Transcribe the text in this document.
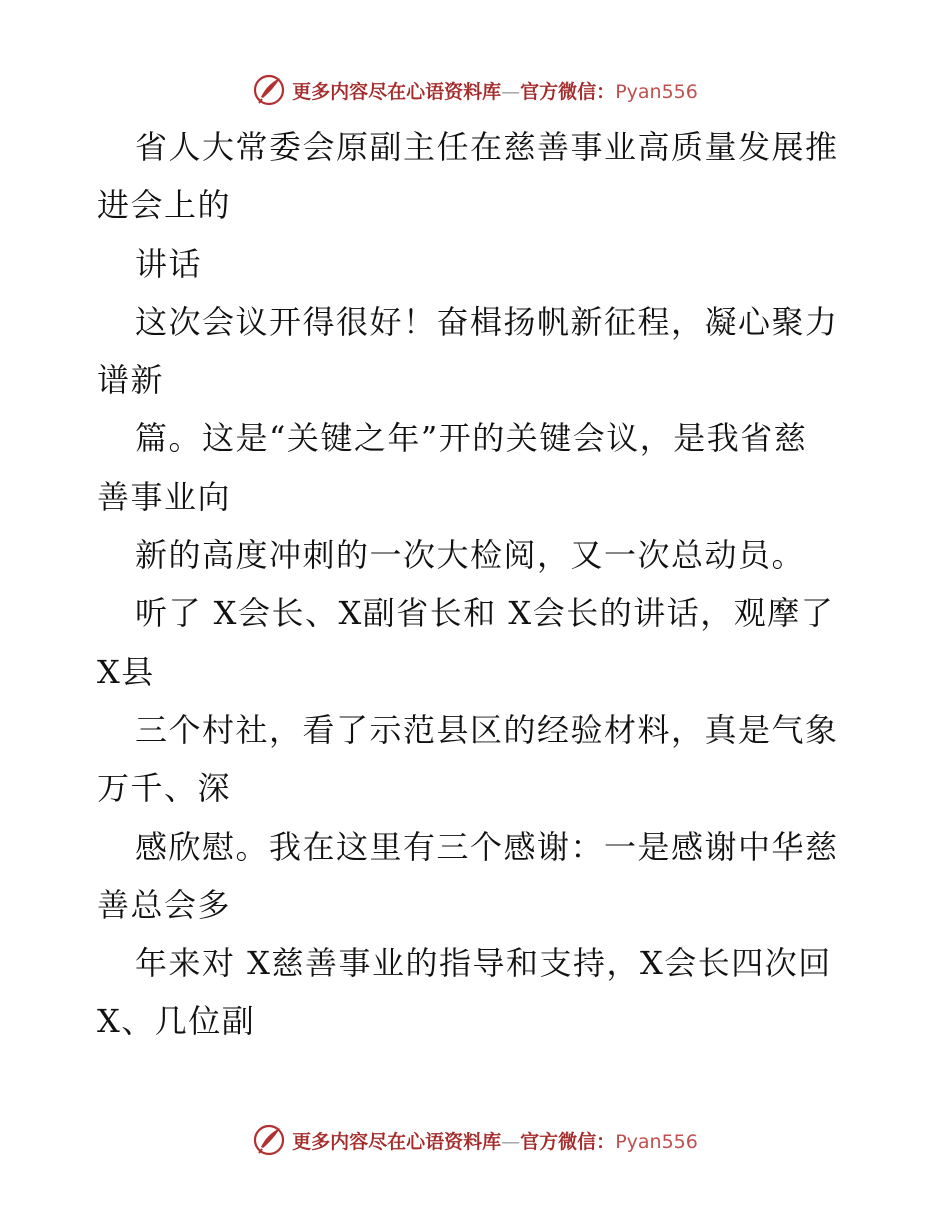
更多内容尽在心语资料库—官方微信：Pyan556
省人大常委会原副主任在慈善事业高质量发展推
进会上的
讲话
这次会议开得很好！奋楫扬帆新征程，凝心聚力
谱新
篇。这是“关键之年”开的关键会议，是我省慈
善事业向
新的高度冲刺的一次大检阅，又一次总动员。
听了 X会长、X副省长和 X会长的讲话，观摩了
X县
三个村社，看了示范县区的经验材料，真是气象
万千、深
感欣慰。我在这里有三个感谢：一是感谢中华慈
善总会多
年来对 X慈善事业的指导和支持，X会长四次回
X、几位副
更多内容尽在心语资料库—官方微信：Pyan556
